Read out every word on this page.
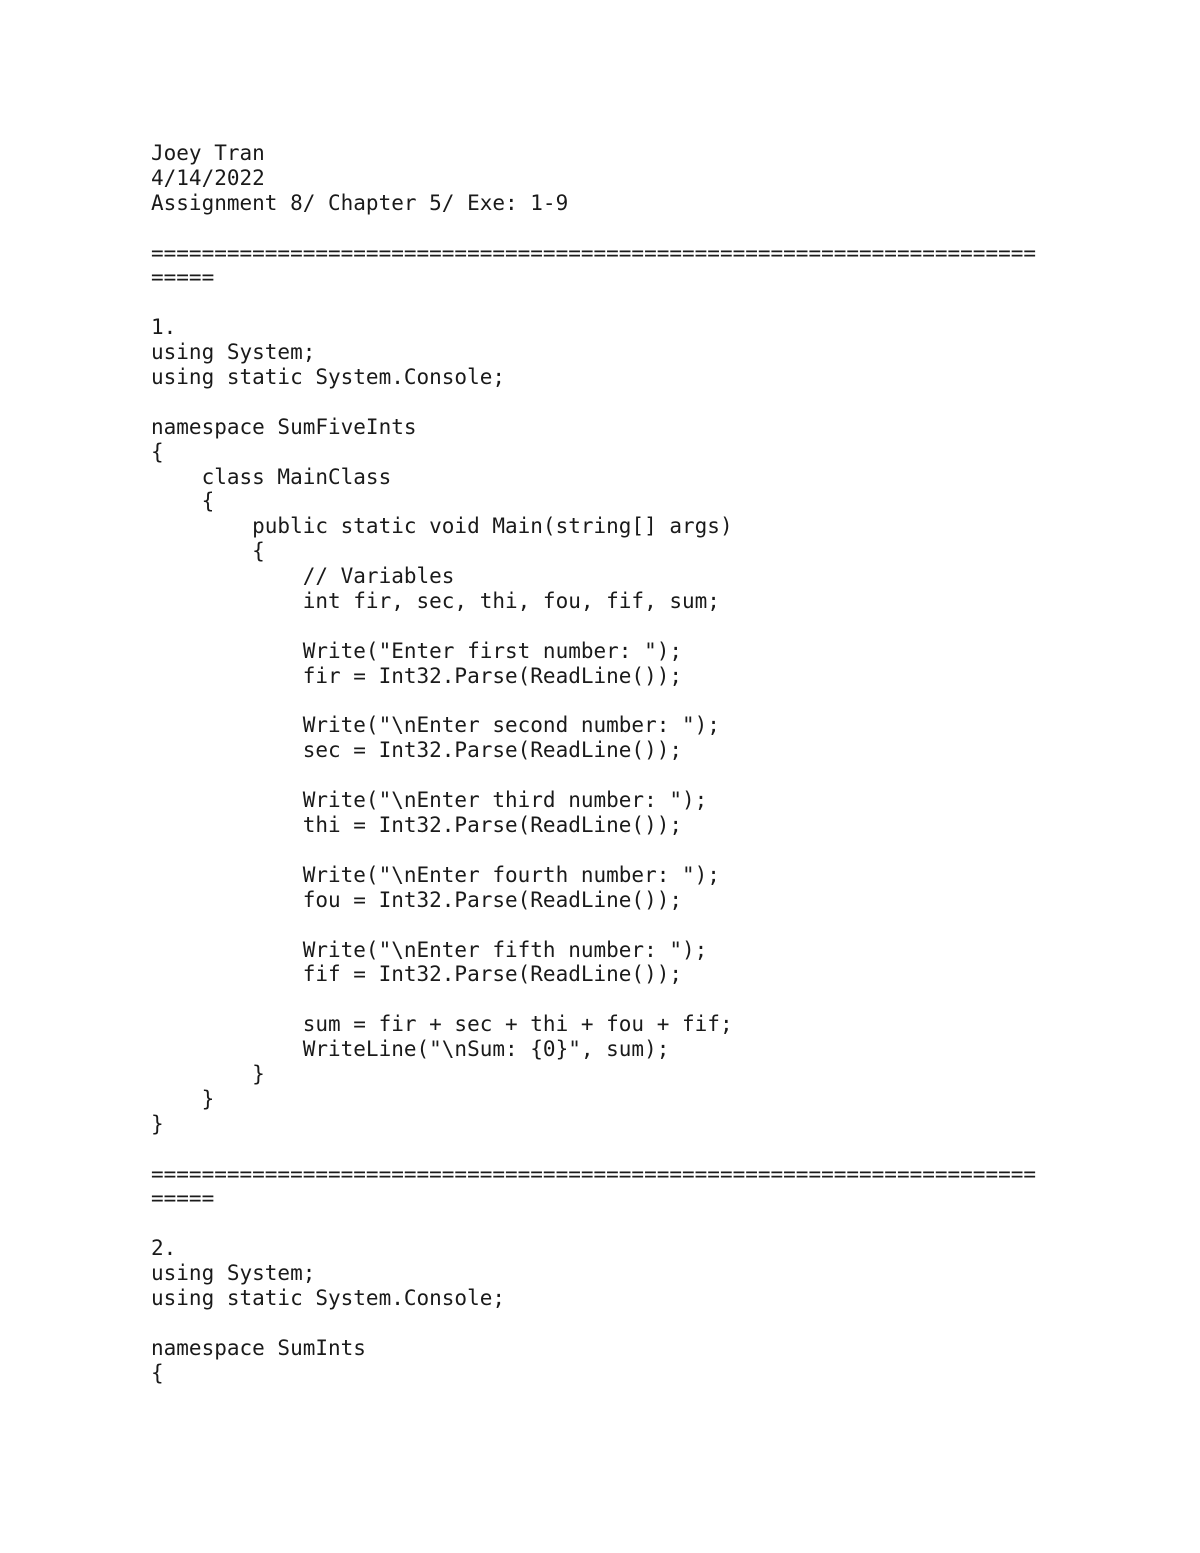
Joey Tran
4/14/2022
Assignment 8/ Chapter 5/ Exe: 1-9
======================================================================
=====
1.
using System;
using static System.Console;
namespace SumFiveInts
{
class MainClass
{
public static void Main(string[] args)
{
// Variables
int fir, sec, thi, fou, fif, sum;
Write("Enter first number: ");
fir = Int32.Parse(ReadLine());
Write("\nEnter second number: ");
sec = Int32.Parse(ReadLine());
Write("\nEnter third number: ");
thi = Int32.Parse(ReadLine());
Write("\nEnter fourth number: ");
fou = Int32.Parse(ReadLine());
Write("\nEnter fifth number: ");
fif = Int32.Parse(ReadLine());
sum = fir + sec + thi + fou + fif;
WriteLine("\nSum: {0}", sum);
}
}
}
======================================================================
=====
2.
using System;
using static System.Console;
namespace SumInts
{
